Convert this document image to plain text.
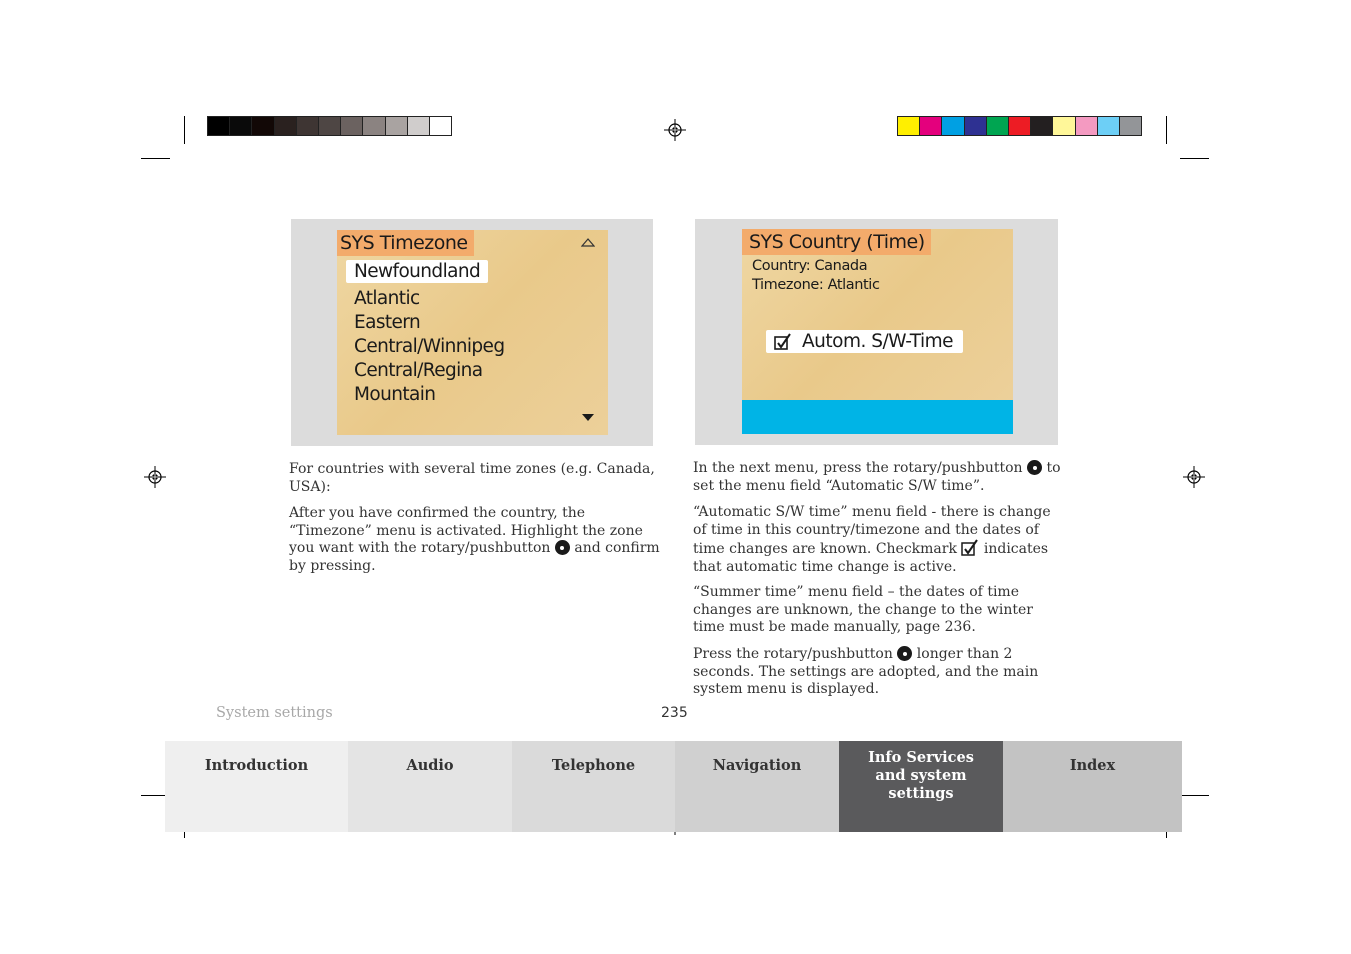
SYS Timezone
Newfoundland
Atlantic
Eastern
Central/Winnipeg
Central/Regina
Mountain
SYS Country (Time)
Country: Canada
Timezone: Atlantic
Autom. S/W-Time

For countries with several time zones (e.g. Canada, USA):

After you have confirmed the country, the “Timezone” menu is activated. Highlight the zone you want with the rotary/pushbutton and confirm by pressing.

In the next menu, press the rotary/pushbutton to set the menu field “Automatic S/W time”.

“Automatic S/W time” menu field - there is change of time in this country/timezone and the dates of time changes are known. Checkmark indicates that automatic time change is active.

“Summer time” menu field – the dates of time changes are unknown, the change to the winter time must be made manually, page 236.

Press the rotary/pushbutton longer than 2 seconds. The settings are adopted, and the main system menu is displayed.

System settings	235
Introduction	Audio	Telephone	Navigation	Info Services and system settings
Index
